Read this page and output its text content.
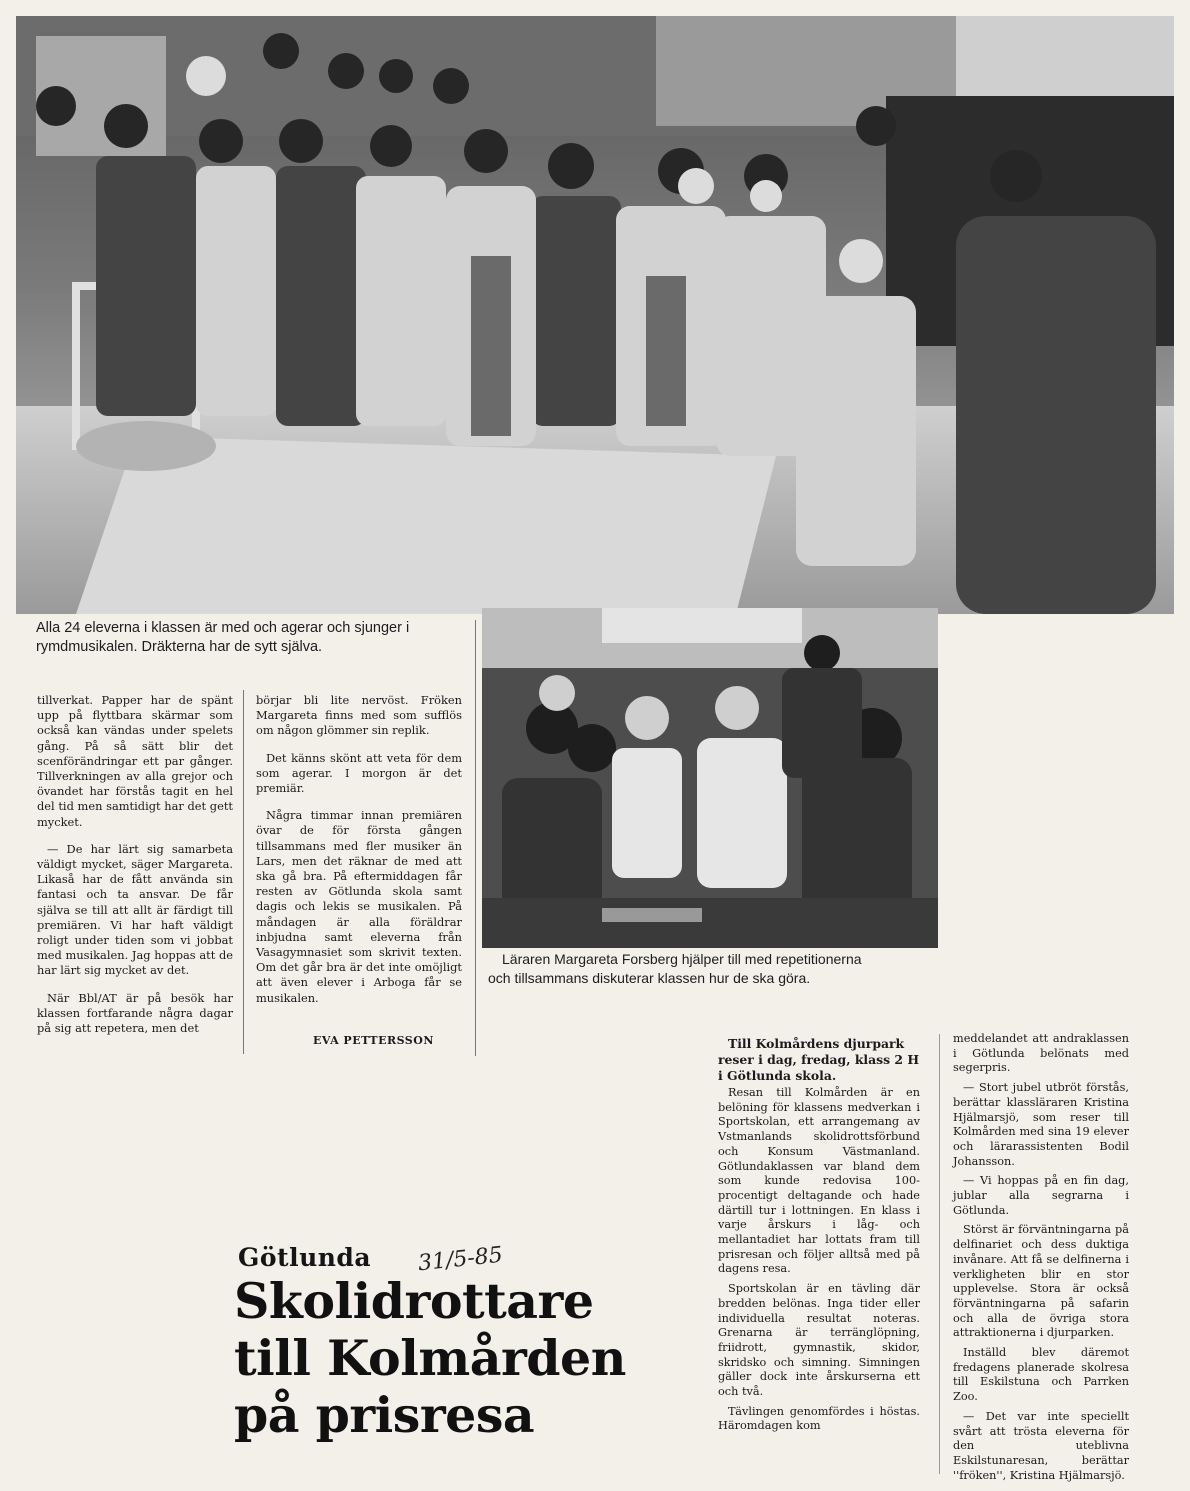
Alla 24 eleverna i klassen är med och agerar och sjunger i
rymdmusikalen. Dräkterna har de sytt själva.

tillverkat. Papper har de spänt upp på flyttbara skärmar som också kan vändas under spelets gång. På så sätt blir det scenförändringar ett par gånger. Tillverkningen av alla grejor och övandet har förstås tagit en hel del tid men samtidigt har det gett mycket.

— De har lärt sig samarbeta väldigt mycket, säger Margareta. Likaså har de fått använda sin fantasi och ta ansvar. De får själva se till att allt är färdigt till premiären. Vi har haft väldigt roligt under tiden som vi jobbat med musikalen. Jag hoppas att de har lärt sig mycket av det.

När Bbl/AT är på besök har klassen fortfarande några dagar på sig att repetera, men det

börjar bli lite nervöst. Fröken Margareta finns med som sufflös om någon glömmer sin replik.

Det känns skönt att veta för dem som agerar. I morgon är det premiär.

Några timmar innan premiären övar de för första gången tillsammans med fler musiker än Lars, men det räknar de med att ska gå bra. På eftermiddagen får resten av Götlunda skola samt dagis och lekis se musikalen. På måndagen är alla föräldrar inbjudna samt eleverna från Vasagymnasiet som skrivit texten. Om det går bra är det inte omöjligt att även elever i Arboga får se musikalen.

EVA PETTERSSON
Läraren Margareta Forsberg hjälper till med repetitionerna
och tillsammans diskuterar klassen hur de ska göra.
Götlunda 31/5-85
Skolidrottare
till Kolmården
på prisresa

Till Kolmårdens djurpark reser i dag, fredag, klass 2 H i Götlunda skola.

Resan till Kolmården är en belöning för klassens medverkan i Sportskolan, ett arrangemang av Vstmanlands skolidrottsförbund och Konsum Västmanland. Götlundaklassen var bland dem som kunde redovisa 100-procentigt deltagande och hade därtill tur i lottningen. En klass i varje årskurs i låg- och mellantadiet har lottats fram till prisresan och följer alltså med på dagens resa.

Sportskolan är en tävling där bredden belönas. Inga tider eller individuella resultat noteras. Grenarna är terränglöpning, friidrott, gymnastik, skidor, skridsko och simning. Simningen gäller dock inte årskurserna ett och två.

Tävlingen genomfördes i höstas. Häromdagen kom

meddelandet att andraklassen i Götlunda belönats med segerpris.

— Stort jubel utbröt förstås, berättar klassläraren Kristina Hjälmarsjö, som reser till Kolmården med sina 19 elever och lärarassistenten Bodil Johansson.

— Vi hoppas på en fin dag, jublar alla segrarna i Götlunda.

Störst är förväntningarna på delfinariet och dess duktiga invånare. Att få se delfinerna i verkligheten blir en stor upplevelse. Stora är också förväntningarna på safarin och alla de övriga stora attraktionerna i djurparken.

Inställd blev däremot fredagens planerade skolresa till Eskilstuna och Parrken Zoo.

— Det var inte speciellt svårt att trösta eleverna för den uteblivna Eskilstunaresan, berättar ''fröken'', Kristina Hjälmarsjö.
